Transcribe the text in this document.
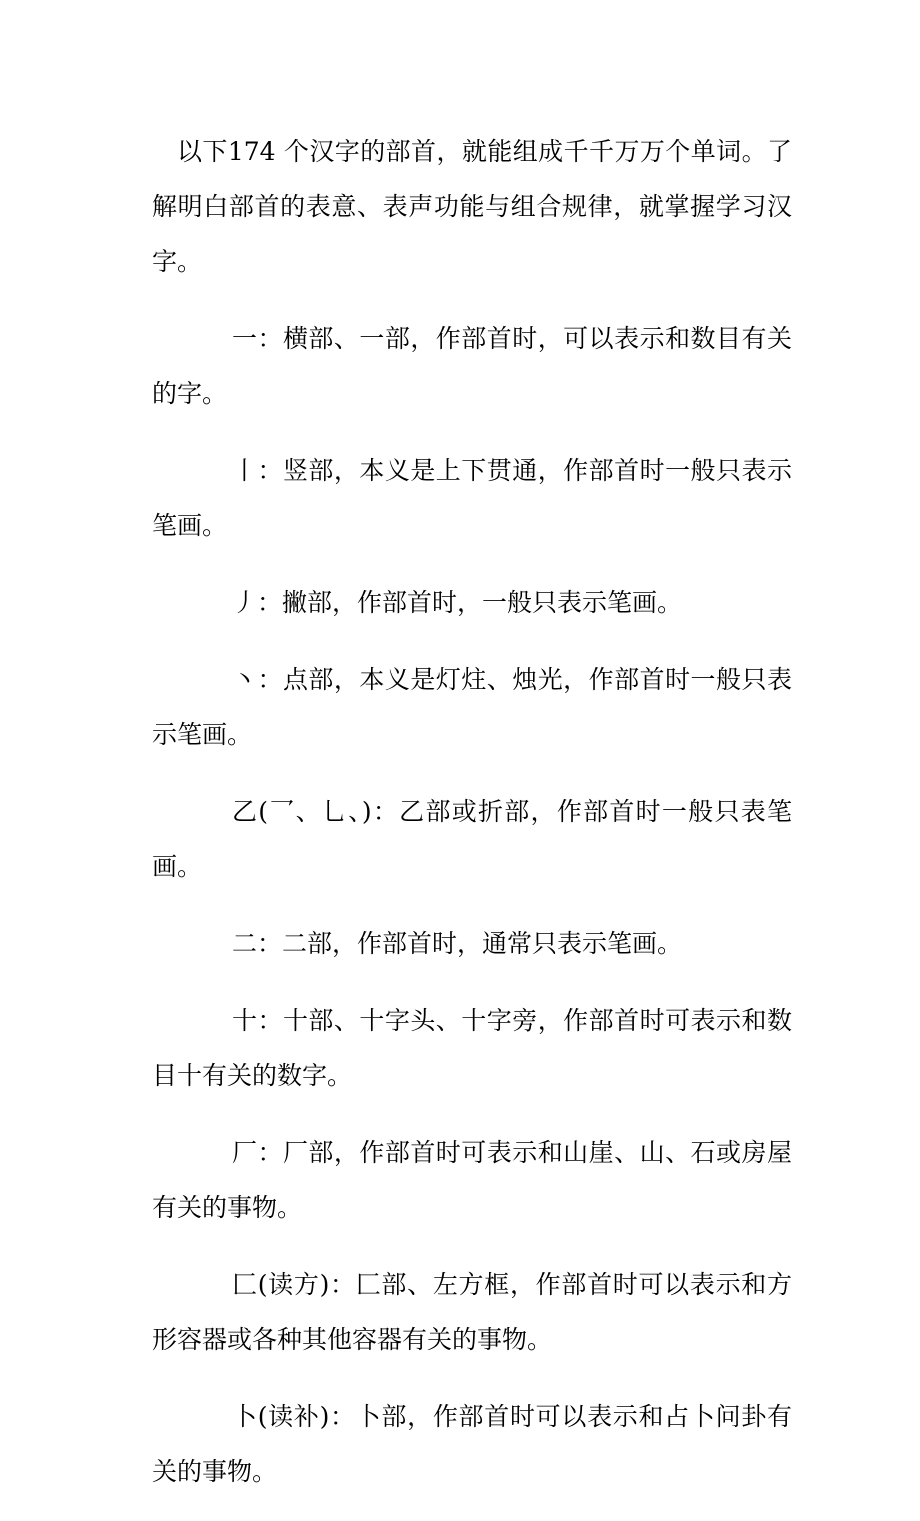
以下174 个汉字的部首，就能组成千千万万个单词。了解明白部首的表意、表声功能与组合规律，就掌握学习汉字。

一：横部、一部，作部首时，可以表示和数目有关的字。

丨：竖部，本义是上下贯通，作部首时一般只表示笔画。

丿：撇部，作部首时，一般只表示笔画。

丶：点部，本义是灯炷、烛光，作部首时一般只表示笔画。

乙(乛、乚、)：乙部或折部，作部首时一般只表笔画。

二：二部，作部首时，通常只表示笔画。

十：十部、十字头、十字旁，作部首时可表示和数目十有关的数字。

厂：厂部，作部首时可表示和山崖、山、石或房屋有关的事物。

匚(读方)：匚部、左方框，作部首时可以表示和方形容器或各种其他容器有关的事物。

卜(读补)：卜部，作部首时可以表示和占卜问卦有关的事物。
